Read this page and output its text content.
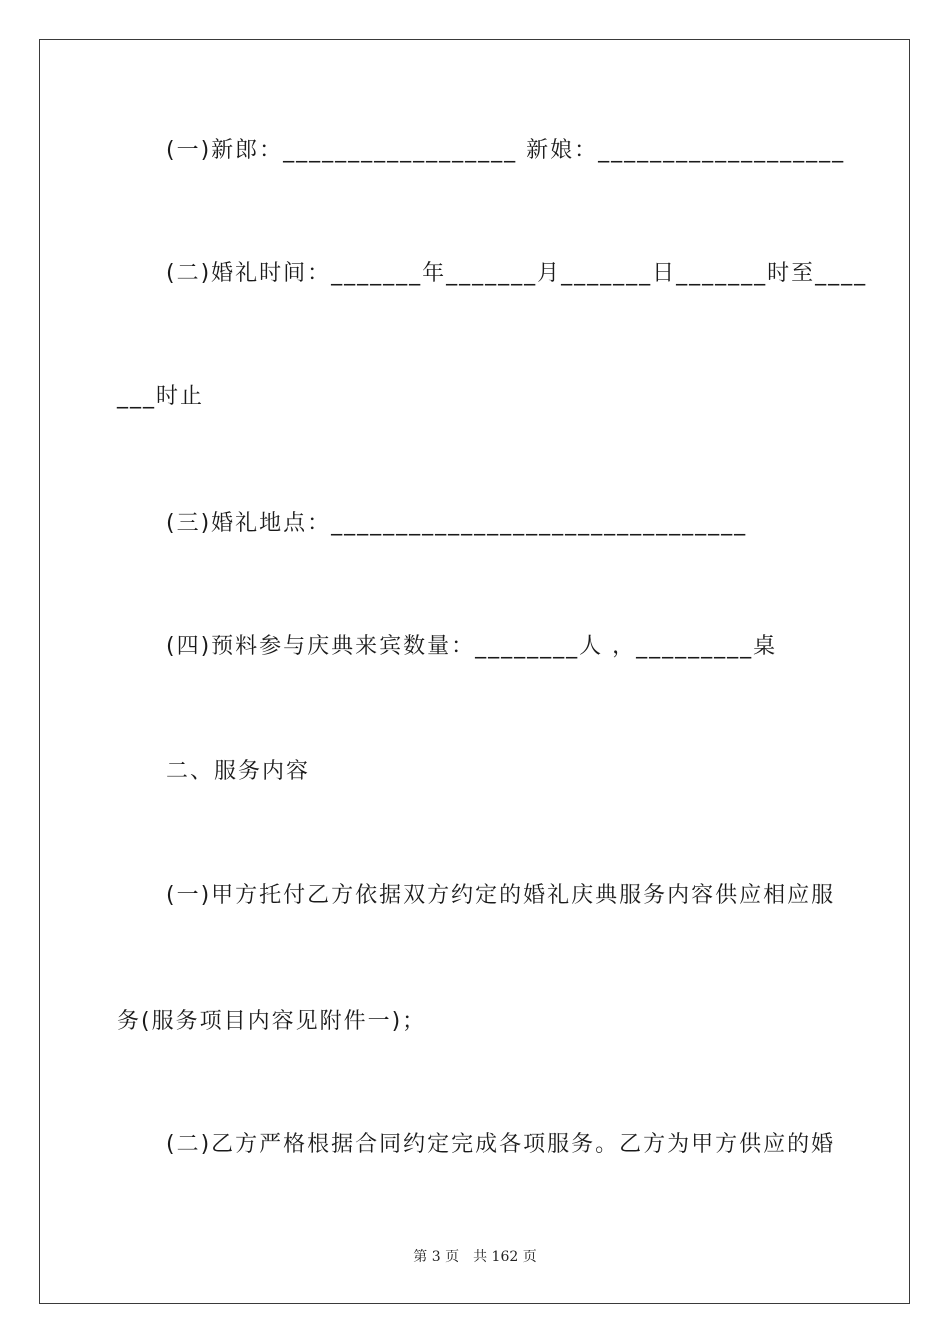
(一)新郎：__________________ 新娘：___________________
(二)婚礼时间：_______年_______月_______日_______时至____
___时止
(三)婚礼地点：________________________________
(四)预料参与庆典来宾数量：________人 ，_________桌
二、服务内容
(一)甲方托付乙方依据双方约定的婚礼庆典服务内容供应相应服
务(服务项目内容见附件一)；
(二)乙方严格根据合同约定完成各项服务。乙方为甲方供应的婚
第 3 页　共 162 页
